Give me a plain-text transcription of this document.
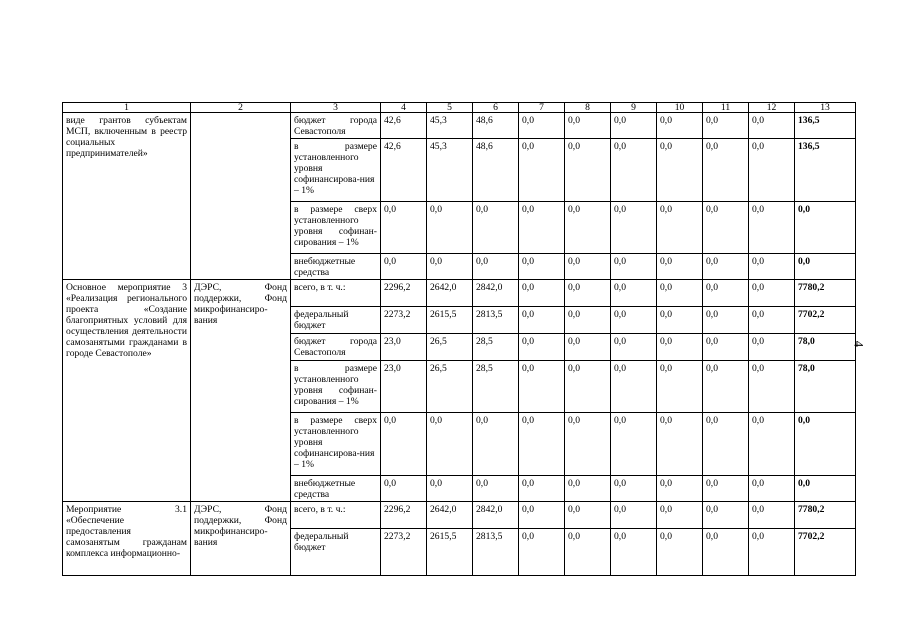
1	2	3	4	5	6	7	8	9	10	11	12	13
виде грантов субъектам МСП, включенным в реестр социальных предпринимателей»		бюджет города Севастополя	42,6	45,3	48,6	0,0	0,0	0,0	0,0	0,0	0,0	136,5
		в размере установленного уровня софинансирова-ния – 1%	42,6	45,3	48,6	0,0	0,0	0,0	0,0	0,0	0,0	136,5
		в размере сверх установленного уровня софинан-сирования – 1%	0,0	0,0	0,0	0,0	0,0	0,0	0,0	0,0	0,0	0,0
		внебюджетные средства	0,0	0,0	0,0	0,0	0,0	0,0	0,0	0,0	0,0	0,0
Основное мероприятие 3 «Реализация регионального проекта «Создание благоприятных условий для осуществления деятельности самозанятыми гражданами в городе Севастополе»	ДЭРС, Фонд поддержки, Фонд микрофинансиро-вания	всего, в т. ч.:	2296,2	2642,0	2842,0	0,0	0,0	0,0	0,0	0,0	0,0	7780,2
		федеральный бюджет	2273,2	2615,5	2813,5	0,0	0,0	0,0	0,0	0,0	0,0	7702,2
		бюджет города Севастополя	23,0	26,5	28,5	0,0	0,0	0,0	0,0	0,0	0,0	78,0
		в размере установленного уровня софинан-сирования – 1%	23,0	26,5	28,5	0,0	0,0	0,0	0,0	0,0	0,0	78,0
		в размере сверх установленного уровня софинансирова-ния – 1%	0,0	0,0	0,0	0,0	0,0	0,0	0,0	0,0	0,0	0,0
		внебюджетные средства	0,0	0,0	0,0	0,0	0,0	0,0	0,0	0,0	0,0	0,0
Мероприятие 3.1 «Обеспечение предоставления самозанятым гражданам комплекса информационно-	ДЭРС, Фонд поддержки, Фонд микрофинансиро-вания	всего, в т. ч.:	2296,2	2642,0	2842,0	0,0	0,0	0,0	0,0	0,0	0,0	7780,2
		федеральный бюджет	2273,2	2615,5	2813,5	0,0	0,0	0,0	0,0	0,0	0,0	7702,2
4
